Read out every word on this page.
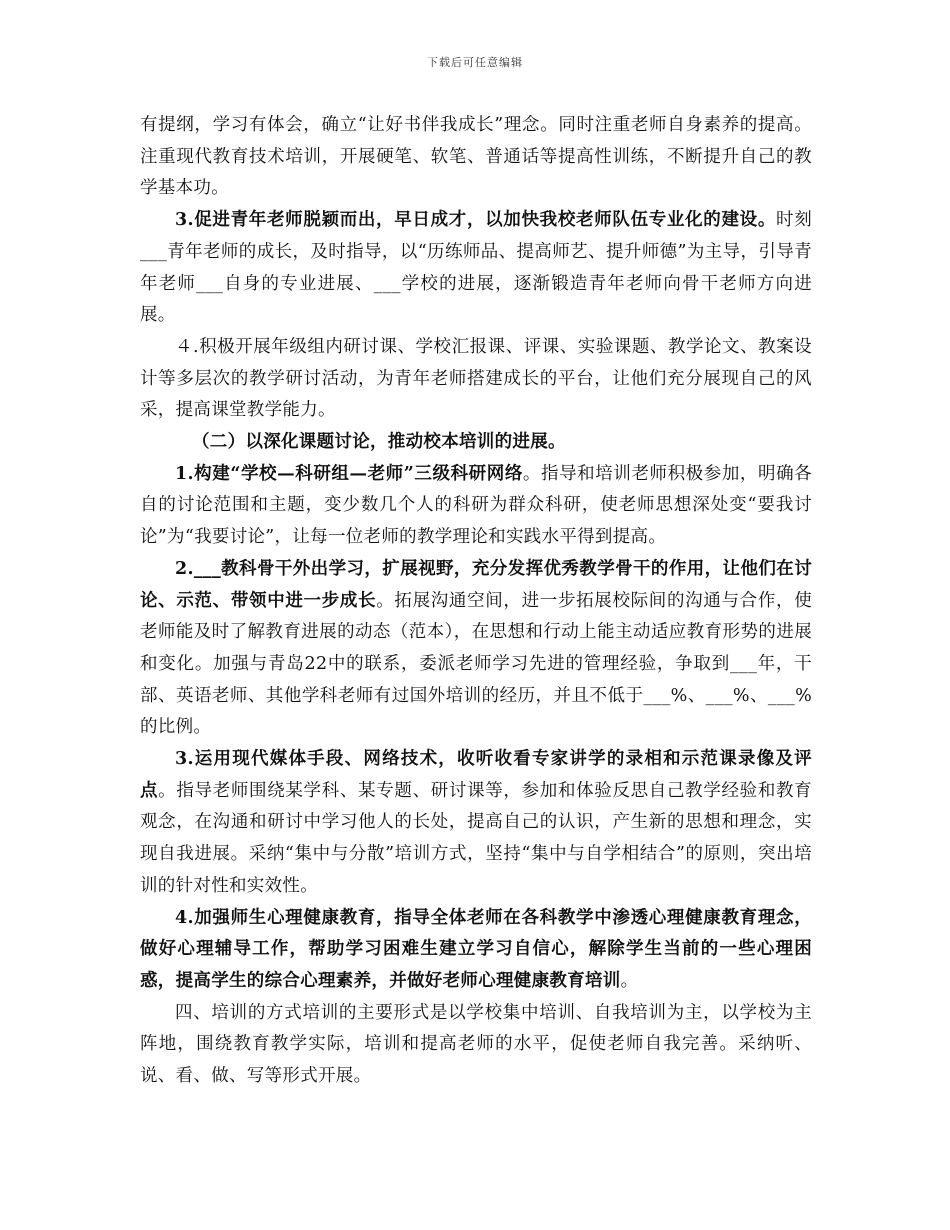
下载后可任意编辑

有提纲，学习有体会，确立“让好书伴我成长”理念。同时注重老师自身素养的提高。注重现代教育技术培训，开展硬笔、软笔、普通话等提高性训练，不断提升自己的教学基本功。

3.促进青年老师脱颖而出，早日成才，以加快我校老师队伍专业化的建设。时刻___青年老师的成长，及时指导，以“历练师品、提高师艺、提升师德”为主导，引导青年老师___自身的专业进展、___学校的进展，逐渐锻造青年老师向骨干老师方向进展。

４.积极开展年级组内研讨课、学校汇报课、评课、实验课题、教学论文、教案设计等多层次的教学研讨活动，为青年老师搭建成长的平台，让他们充分展现自己的风采，提高课堂教学能力。

（二）以深化课题讨论，推动校本培训的进展。

1.构建“学校—科研组—老师”三级科研网络。指导和培训老师积极参加，明确各自的讨论范围和主题，变少数几个人的科研为群众科研，使老师思想深处变“要我讨论”为“我要讨论”，让每一位老师的教学理论和实践水平得到提高。

2.___教科骨干外出学习，扩展视野，充分发挥优秀教学骨干的作用，让他们在讨论、示范、带领中进一步成长。拓展沟通空间，进一步拓展校际间的沟通与合作，使老师能及时了解教育进展的动态（范本），在思想和行动上能主动适应教育形势的进展和变化。加强与青岛22中的联系，委派老师学习先进的管理经验，争取到___年，干部、英语老师、其他学科老师有过国外培训的经历，并且不低于___%、___%、___%的比例。

3.运用现代媒体手段、网络技术，收听收看专家讲学的录相和示范课录像及评点。指导老师围绕某学科、某专题、研讨课等，参加和体验反思自己教学经验和教育观念，在沟通和研讨中学习他人的长处，提高自己的认识，产生新的思想和理念，实现自我进展。采纳“集中与分散”培训方式，坚持“集中与自学相结合”的原则，突出培训的针对性和实效性。

4.加强师生心理健康教育，指导全体老师在各科教学中渗透心理健康教育理念，做好心理辅导工作，帮助学习困难生建立学习自信心，解除学生当前的一些心理困惑，提高学生的综合心理素养，并做好老师心理健康教育培训。

四、培训的方式培训的主要形式是以学校集中培训、自我培训为主，以学校为主阵地，围绕教育教学实际，培训和提高老师的水平，促使老师自我完善。采纳听、说、看、做、写等形式开展。
